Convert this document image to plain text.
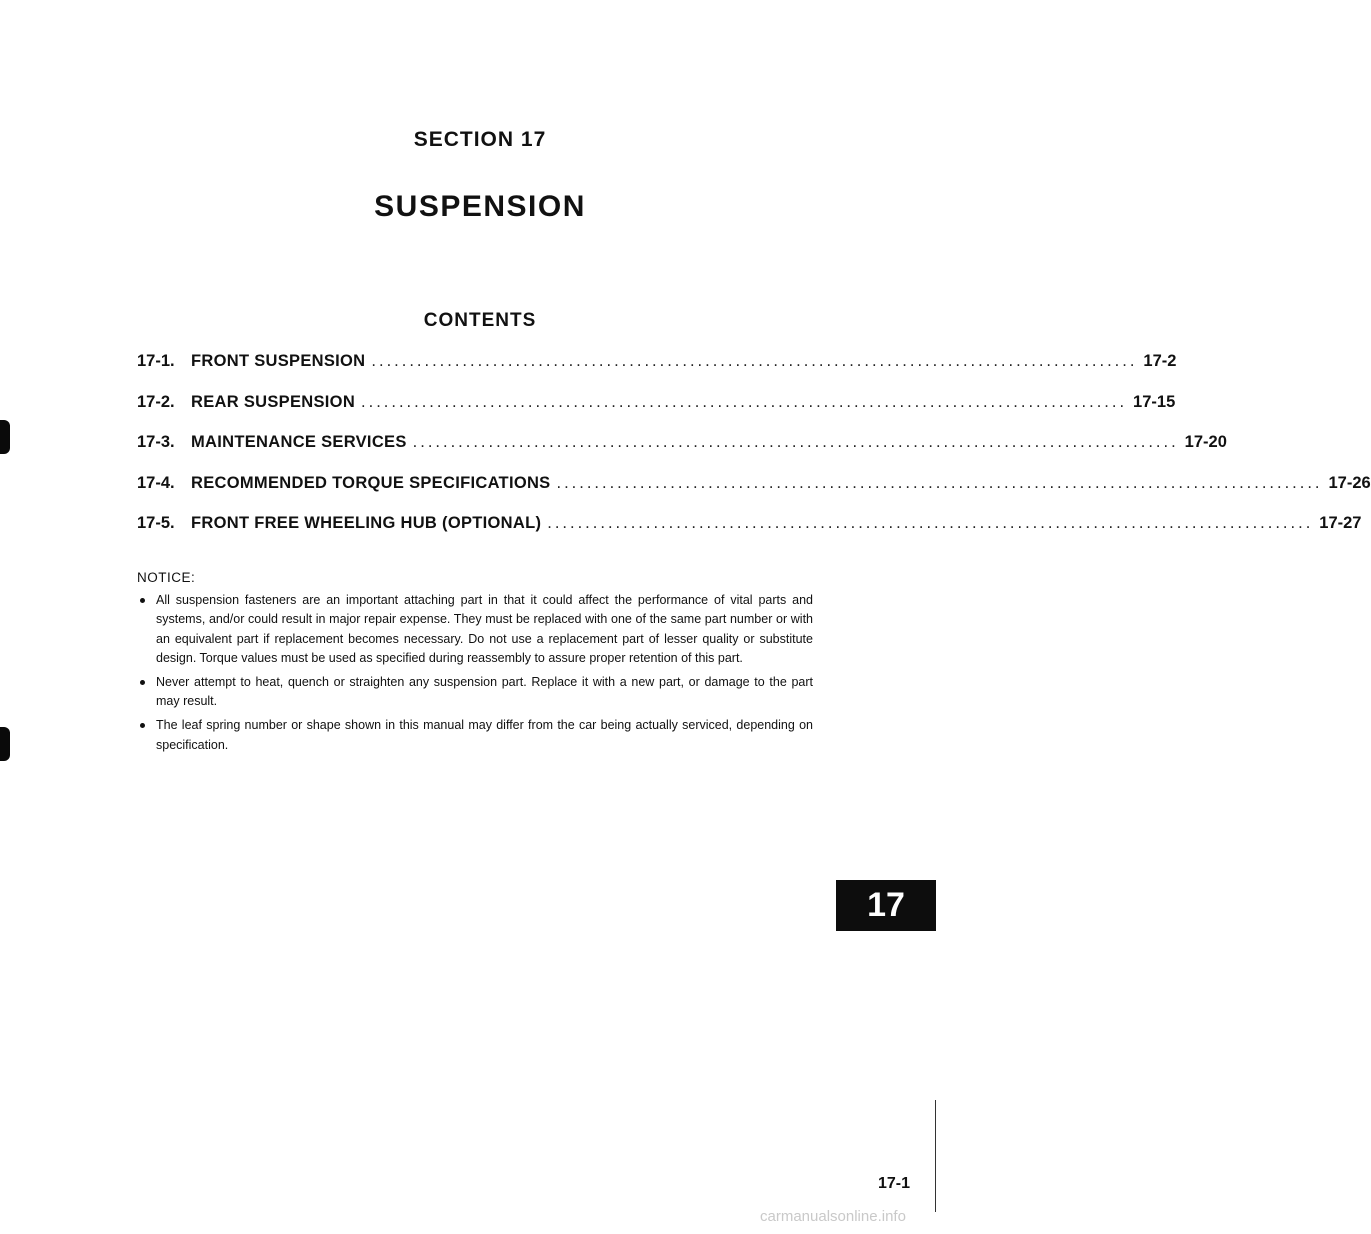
SECTION 17
SUSPENSION
CONTENTS
17-1. FRONT SUSPENSION ..................................................................................................... 17-2
17-2. REAR SUSPENSION ..................................................................................................... 17-15
17-3. MAINTENANCE SERVICES ..................................................................................................... 17-20
17-4. RECOMMENDED TORQUE SPECIFICATIONS ..................................................................................................... 17-26
17-5. FRONT FREE WHEELING HUB (OPTIONAL) ..................................................................................................... 17-27
NOTICE:
All suspension fasteners are an important attaching part in that it could affect the performance of vital parts and systems, and/or could result in major repair expense. They must be replaced with one of the same part number or with an equivalent part if replacement becomes necessary. Do not use a replacement part of lesser quality or substitute design. Torque values must be used as specified during reassembly to assure proper retention of this part.
Never attempt to heat, quench or straighten any suspension part. Replace it with a new part, or damage to the part may result.
The leaf spring number or shape shown in this manual may differ from the car being actually serviced, depending on specification.
17
17-1
carmanualsonline.info
